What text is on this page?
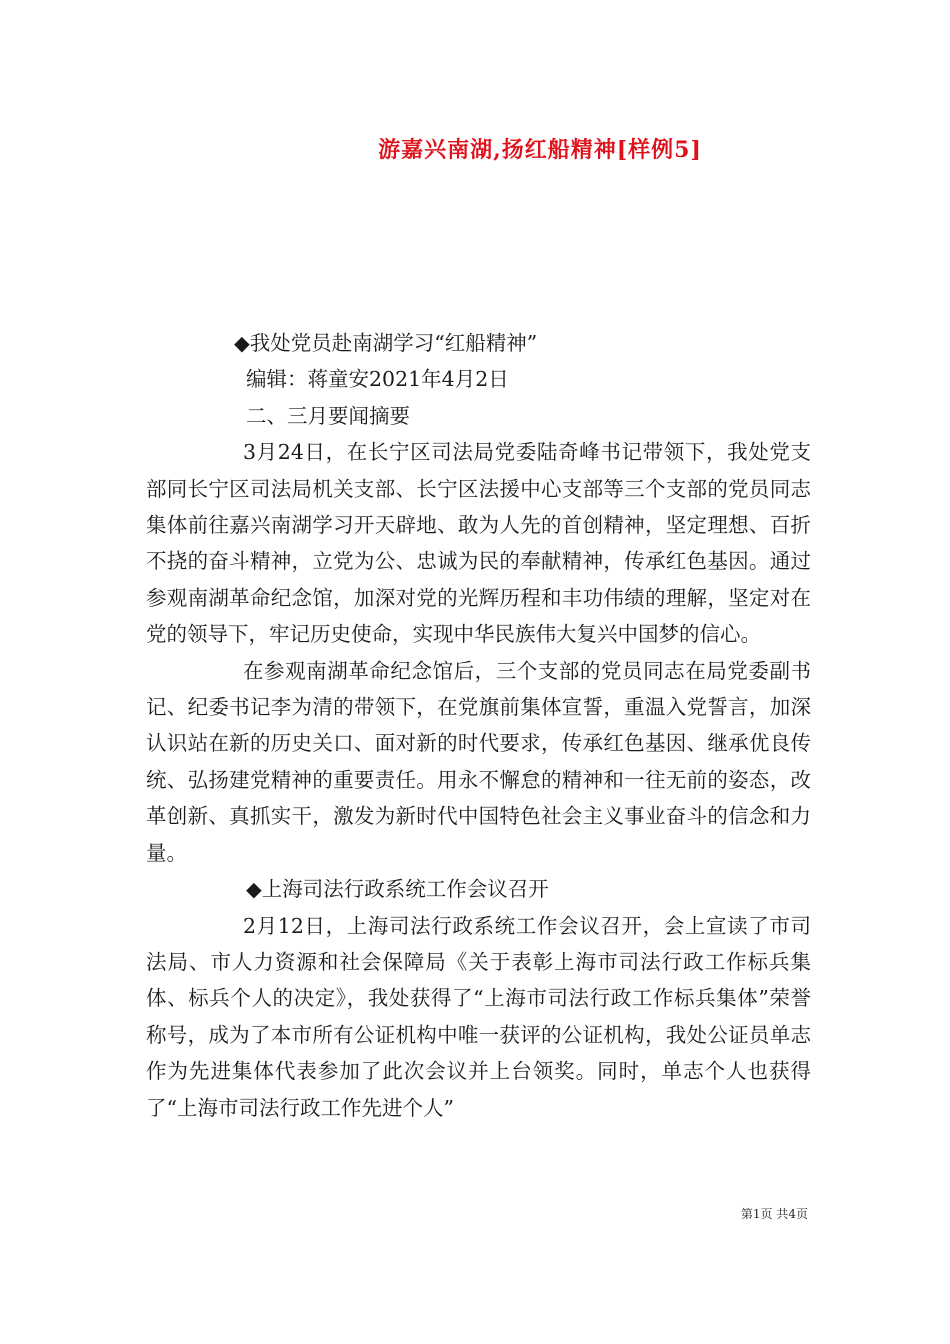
游嘉兴南湖,扬红船精神[样例5]

◆我处党员赴南湖学习“红船精神”

编辑：蒋童安2021年4月2日

二、三月要闻摘要

3月24日，在长宁区司法局党委陆奇峰书记带领下，我处党支部同长宁区司法局机关支部、长宁区法援中心支部等三个支部的党员同志集体前往嘉兴南湖学习开天辟地、敢为人先的首创精神，坚定理想、百折不挠的奋斗精神，立党为公、忠诚为民的奉献精神，传承红色基因。通过参观南湖革命纪念馆，加深对党的光辉历程和丰功伟绩的理解，坚定对在党的领导下，牢记历史使命，实现中华民族伟大复兴中国梦的信心。

在参观南湖革命纪念馆后，三个支部的党员同志在局党委副书记、纪委书记李为清的带领下，在党旗前集体宣誓，重温入党誓言，加深认识站在新的历史关口、面对新的时代要求，传承红色基因、继承优良传统、弘扬建党精神的重要责任。用永不懈怠的精神和一往无前的姿态，改革创新、真抓实干，激发为新时代中国特色社会主义事业奋斗的信念和力量。

◆上海司法行政系统工作会议召开

2月12日，上海司法行政系统工作会议召开，会上宣读了市司法局、市人力资源和社会保障局《关于表彰上海市司法行政工作标兵集体、标兵个人的决定》，我处获得了“上海市司法行政工作标兵集体”荣誉称号，成为了本市所有公证机构中唯一获评的公证机构，我处公证员单志作为先进集体代表参加了此次会议并上台领奖。同时，单志个人也获得了“上海市司法行政工作先进个人”

第1页 共4页
